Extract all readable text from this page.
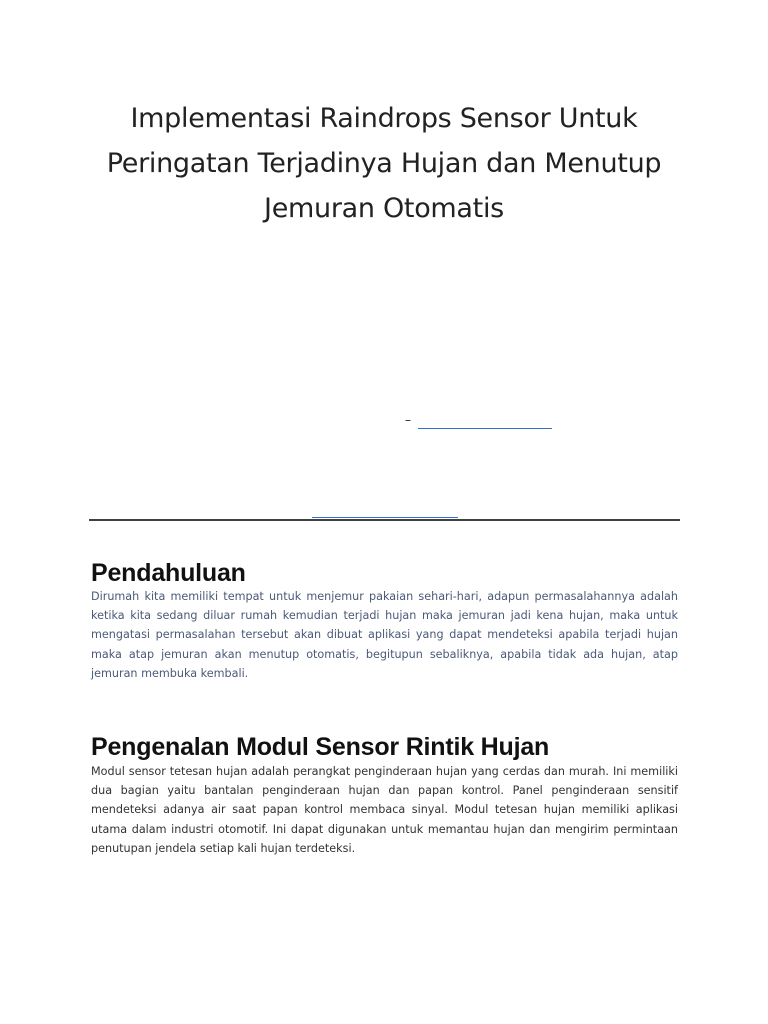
Implementasi Raindrops Sensor Untuk
Peringatan Terjadinya Hujan dan Menutup
Jemuran Otomatis
–
Pendahuluan
Dirumah kita memiliki tempat untuk menjemur pakaian sehari-hari, adapun permasalahannya adalah ketika kita sedang diluar rumah kemudian terjadi hujan maka jemuran jadi kena hujan, maka untuk mengatasi permasalahan tersebut akan dibuat aplikasi yang dapat mendeteksi apabila terjadi hujan maka atap jemuran akan menutup otomatis, begitupun sebaliknya, apabila tidak ada hujan, atap jemuran membuka kembali.
Pengenalan Modul Sensor Rintik Hujan
Modul sensor tetesan hujan adalah perangkat penginderaan hujan yang cerdas dan murah. Ini memiliki dua bagian yaitu bantalan penginderaan hujan dan papan kontrol. Panel penginderaan sensitif mendeteksi adanya air saat papan kontrol membaca sinyal. Modul tetesan hujan memiliki aplikasi utama dalam industri otomotif. Ini dapat digunakan untuk memantau hujan dan mengirim permintaan penutupan jendela setiap kali hujan terdeteksi.
